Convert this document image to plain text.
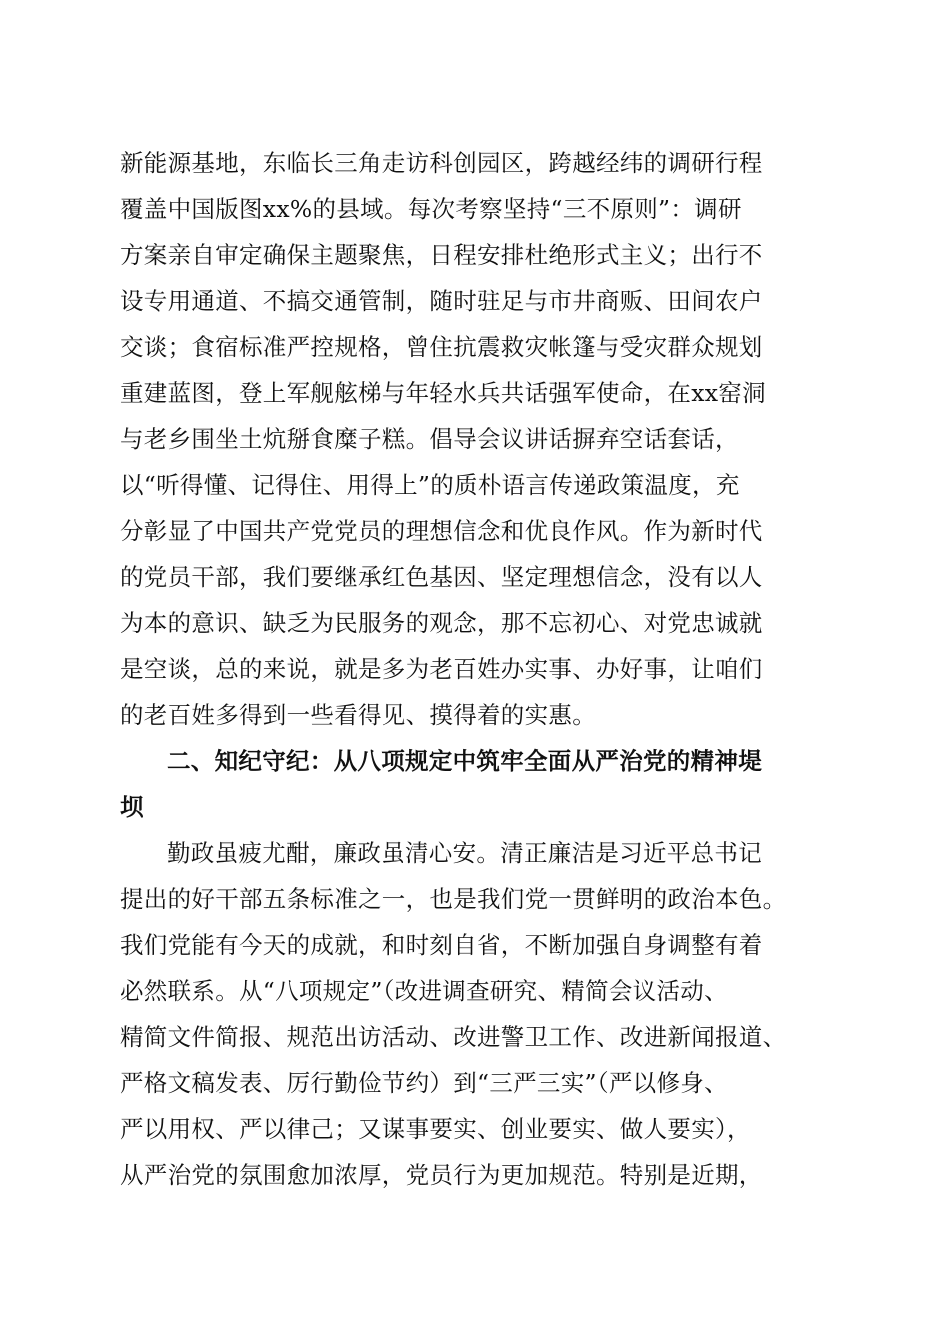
新能源基地，东临长三角走访科创园区，跨越经纬的调研行程
覆盖中国版图xx%的县域。每次考察坚持“三不原则”：调研
方案亲自审定确保主题聚焦，日程安排杜绝形式主义；出行不
设专用通道、不搞交通管制，随时驻足与市井商贩、田间农户
交谈；食宿标准严控规格，曾住抗震救灾帐篷与受灾群众规划
重建蓝图，登上军舰舷梯与年轻水兵共话强军使命，在xx窑洞
与老乡围坐土炕掰食糜子糕。倡导会议讲话摒弃空话套话，
以“听得懂、记得住、用得上”的质朴语言传递政策温度，充
分彰显了中国共产党党员的理想信念和优良作风。作为新时代
的党员干部，我们要继承红色基因、坚定理想信念，没有以人
为本的意识、缺乏为民服务的观念，那不忘初心、对党忠诚就
是空谈，总的来说，就是多为老百姓办实事、办好事，让咱们
的老百姓多得到一些看得见、摸得着的实惠。
二、知纪守纪：从八项规定中筑牢全面从严治党的精神堤
坝
勤政虽疲尤酣，廉政虽清心安。清正廉洁是习近平总书记
提出的好干部五条标准之一，也是我们党一贯鲜明的政治本色。
我们党能有今天的成就，和时刻自省，不断加强自身调整有着
必然联系。从“八项规定”（改进调查研究、精简会议活动、
精简文件简报、规范出访活动、改进警卫工作、改进新闻报道、
严格文稿发表、厉行勤俭节约）到“三严三实”（严以修身、
严以用权、严以律己；又谋事要实、创业要实、做人要实），
从严治党的氛围愈加浓厚，党员行为更加规范。特别是近期，
